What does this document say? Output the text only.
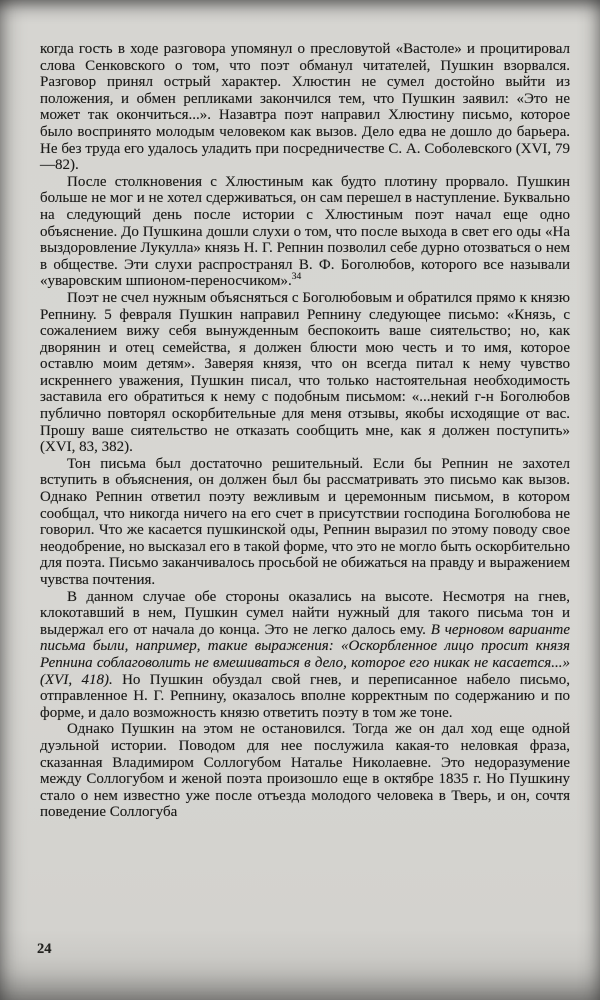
когда гость в ходе разговора упомянул о пресловутой «Вастоле» и процитировал слова Сенковского о том, что поэт обманул читателей, Пушкин взорвался. Разговор принял острый характер. Хлюстин не сумел достойно выйти из положения, и обмен репликами закончился тем, что Пушкин заявил: «Это не может так окончиться...». Назавтра поэт направил Хлюстину письмо, которое было воспринято молодым человеком как вызов. Дело едва не дошло до барьера. Не без труда его удалось уладить при посредничестве С. А. Соболевского (XVI, 79—82).

После столкновения с Хлюстиным как будто плотину прорвало. Пушкин больше не мог и не хотел сдерживаться, он сам перешел в наступление. Буквально на следующий день после истории с Хлюстиным поэт начал еще одно объяснение. До Пушкина дошли слухи о том, что после выхода в свет его оды «На выздоровление Лукулла» князь Н. Г. Репнин позволил себе дурно отозваться о нем в обществе. Эти слухи распространял В. Ф. Боголюбов, которого все называли «уваровским шпионом-переносчиком».$^{34}$

Поэт не счел нужным объясняться с Боголюбовым и обратился прямо к князю Репнину. 5 февраля Пушкин направил Репнину следующее письмо: «Князь, с сожалением вижу себя вынужденным беспокоить ваше сиятельство; но, как дворянин и отец семейства, я должен блюсти мою честь и то имя, которое оставлю моим детям». Заверяя князя, что он всегда питал к нему чувство искреннего уважения, Пушкин писал, что только настоятельная необходимость заставила его обратиться к нему с подобным письмом: «...некий г-н Боголюбов публично повторял оскорбительные для меня отзывы, якобы исходящие от вас. Прошу ваше сиятельство не отказать сообщить мне, как я должен поступить» (XVI, 83, 382).

Тон письма был достаточно решительный. Если бы Репнин не захотел вступить в объяснения, он должен был бы рассматривать это письмо как вызов. Однако Репнин ответил поэту вежливым и церемонным письмом, в котором сообщал, что никогда ничего на его счет в присутствии господина Боголюбова не говорил. Что же касается пушкинской оды, Репнин выразил по этому поводу свое неодобрение, но высказал его в такой форме, что это не могло быть оскорбительно для поэта. Письмо заканчивалось просьбой не обижаться на правду и выражением чувства почтения.

В данном случае обе стороны оказались на высоте. Несмотря на гнев, клокотавший в нем, Пушкин сумел найти нужный для такого письма тон и выдержал его от начала до конца. Это не легко далось ему. В черновом варианте письма были, например, такие выражения: «Оскорбленное лицо просит князя Репнина соблаговолить не вмешиваться в дело, которое его никак не касается...» (XVI, 418). Но Пушкин обуздал свой гнев, и переписанное набело письмо, отправленное Н. Г. Репнину, оказалось вполне корректным по содержанию и по форме, и дало возможность князю ответить поэту в том же тоне.

Однако Пушкин на этом не остановился. Тогда же он дал ход еще одной дуэльной истории. Поводом для нее послужила какая-то неловкая фраза, сказанная Владимиром Соллогубом Наталье Николаевне. Это недоразумение между Соллогубом и женой поэта произошло еще в октябре 1835 г. Но Пушкину стало о нем известно уже после отъезда молодого человека в Тверь, и он, сочтя поведение Соллогуба

24
